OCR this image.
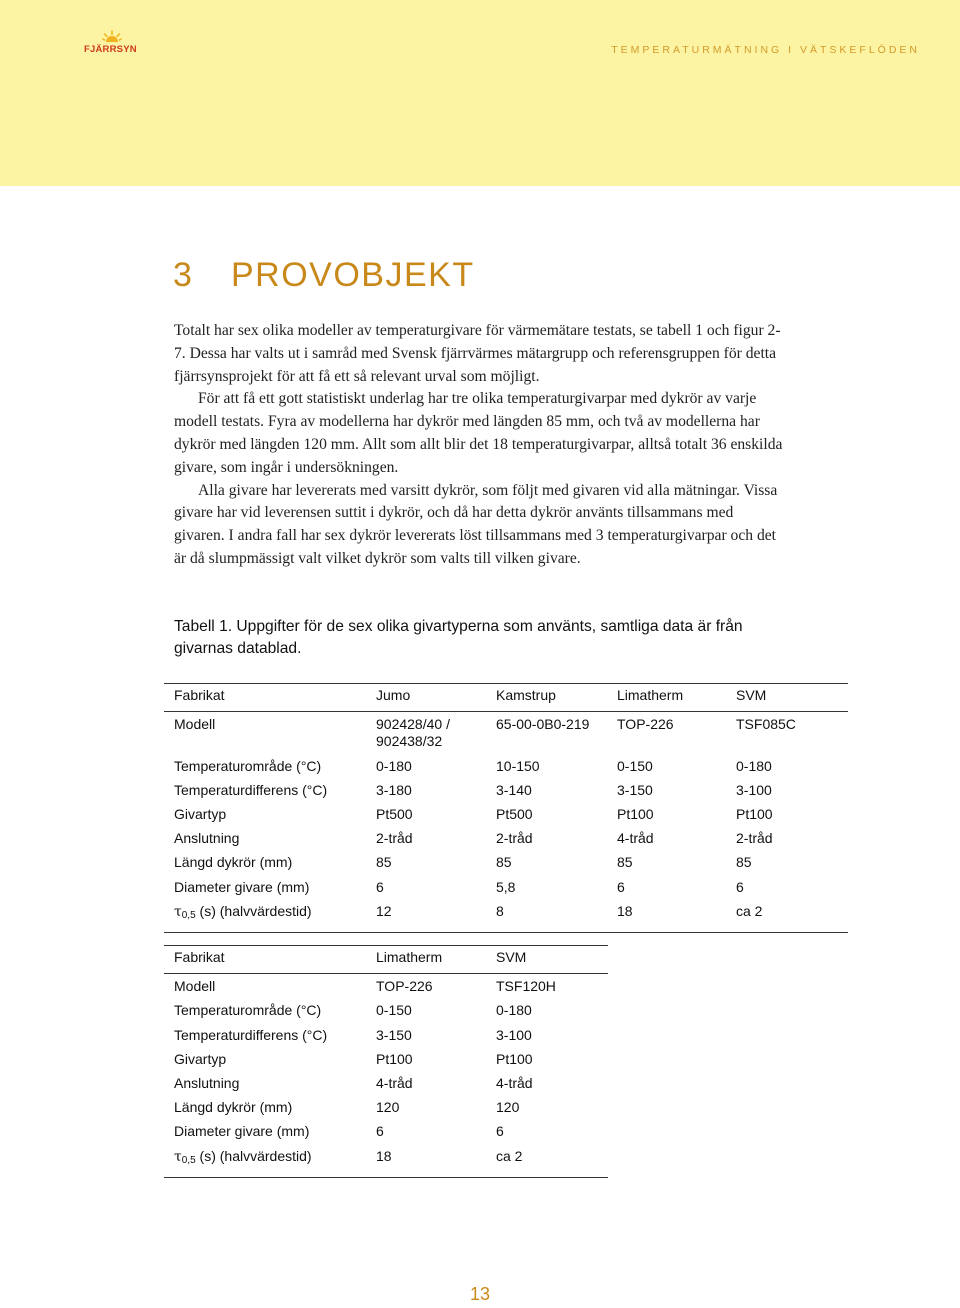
FJÄRRSYN	TEMPERATURMÄTNING I VÄTSKEFLÖDEN
3 PROVOBJEKT

Totalt har sex olika modeller av temperaturgivare för värmemätare testats, se tabell 1 och figur 2-7. Dessa har valts ut i samråd med Svensk fjärrvärmes mätargrupp och referensgruppen för detta fjärrsynsprojekt för att få ett så relevant urval som möjligt.

För att få ett gott statistiskt underlag har tre olika temperaturgivarpar med dykrör av varje modell testats. Fyra av modellerna har dykrör med längden 85 mm, och två av modellerna har dykrör med längden 120 mm. Allt som allt blir det 18 temperaturgivarpar, alltså totalt 36 enskilda givare, som ingår i undersökningen.

Alla givare har levererats med varsitt dykrör, som följt med givaren vid alla mätningar. Vissa givare har vid leverensen suttit i dykrör, och då har detta dykrör använts tillsammans med givaren. I andra fall har sex dykrör levererats löst tillsammans med 3 temperaturgivarpar och det är då slumpmässigt valt vilket dykrör som valts till vilken givare.

Tabell 1. Uppgifter för de sex olika givartyperna som använts, samtliga data är från givarnas datablad.
Fabrikat	Jumo	Kamstrup	Limatherm	SVM
Modell	902428/40 / 902438/32	65-00-0B0-219	TOP-226	TSF085C
Temperaturområde (°C)	0-180	10-150	0-150	0-180
Temperaturdifferens (°C)	3-180	3-140	3-150	3-100
Givartyp	Pt500	Pt500	Pt100	Pt100
Anslutning	2-tråd	2-tråd	4-tråd	2-tråd
Längd dykrör (mm)	85	85	85	85
Diameter givare (mm)	6	5,8	6	6
τ0,5 (s) (halvvärdestid)	12	8	18	ca 2
Fabrikat	Limatherm	SVM
Modell	TOP-226	TSF120H
Temperaturområde (°C)	0-150	0-180
Temperaturdifferens (°C)	3-150	3-100
Givartyp	Pt100	Pt100
Anslutning	4-tråd	4-tråd
Längd dykrör (mm)	120	120
Diameter givare (mm)	6	6
τ0,5 (s) (halvvärdestid)	18	ca 2
13
